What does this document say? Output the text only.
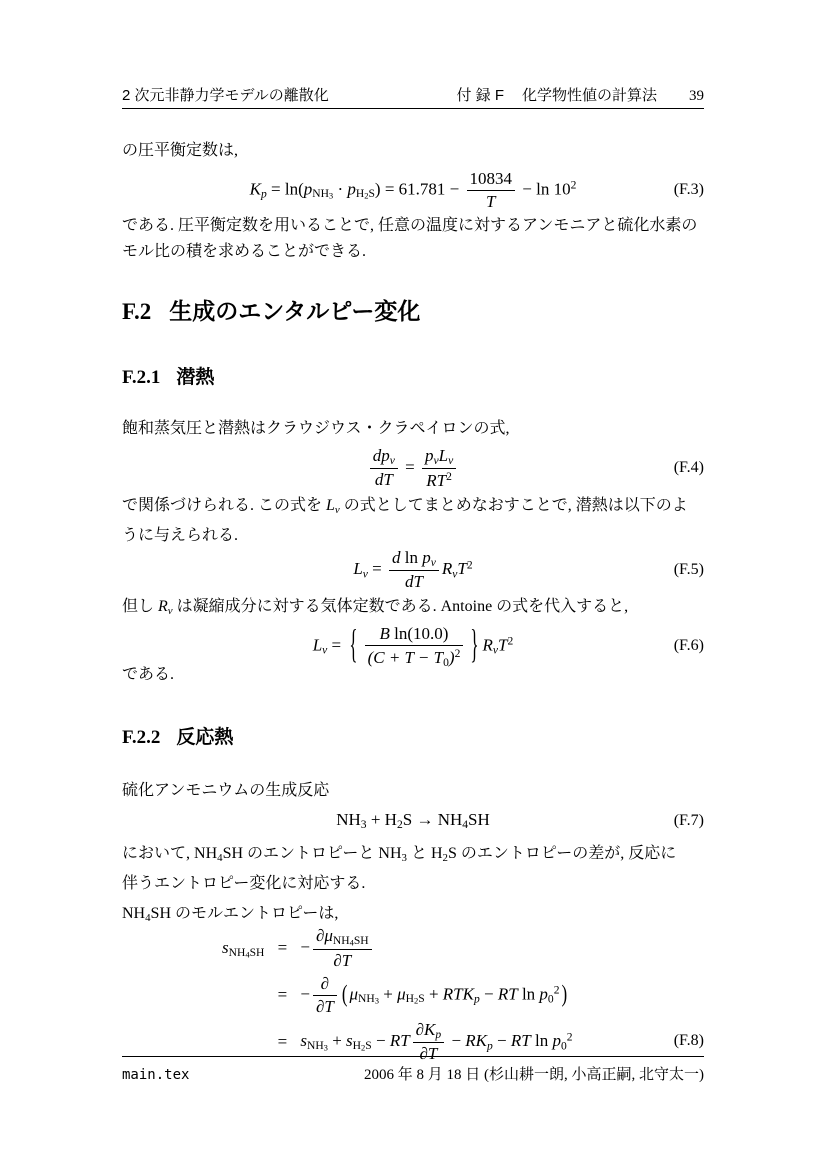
2 次元非静力学モデルの離散化	付 録 F 化学物性値の計算法 39
の圧平衡定数は,
$K_p = \ln(p_{NH3} \cdot p_{H2S}) = 61.781 - \frac{10834}{T} - \ln 10^2$	(F.3)
である. 圧平衡定数を用いることで, 任意の温度に対するアンモニアと硫化水素の
モル比の積を求めることができる.
F.2 生成のエンタルピー変化
F.2.1 潜熱
飽和蒸気圧と潜熱はクラウジウス・クラペイロンの式,
$\frac{dp_v}{dT} = \frac{p_vL_v}{RT^2}$	(F.4)
で関係づけられる. この式を $L_v$ の式としてまとめなおすことで, 潜熱は以下のよ
うに与えられる.
$L_v = \frac{d \ln p_v}{dT} R_vT^2$	(F.5)
但し $R_v$ は凝縮成分に対する気体定数である. Antoine の式を代入すると,
$L_v$ = { $\frac{\text{B ln(10.0)}}{(C + T - T_0)^2}$ } $R_vT^2$	(F.6)
である.
F.2.2 反応熱
硫化アンモニウムの生成反応
$NH_3 + H_2S \to NH_4SH$	(F.7)
において, $NH_4SH$ のエントロピーと $NH_3$ と $H_2S$ のエントロピーの差が, 反応に
伴うエントロピー変化に対応する.
$NH_4SH$ のモルエントロピーは,
$s_{NH4SH}$ = − $\frac{\partial\mu_{NH4SH}}{\partial T}$
= − $\frac{\partial}{\partial T}$ ( $\mu_{NH3} + \mu_{H2S} + RTK_p$ − RT $\ln p_0^2$ )
= $s_{NH3} + s_{H2S}$ − RT $\frac{\partial K_p}{\partial T} - RK_p$ − RT $\ln p_0^2$	(F.8)
main.tex	2006 年 8 月 18 日 (杉山耕一朗, 小高正嗣, 北守太一)
